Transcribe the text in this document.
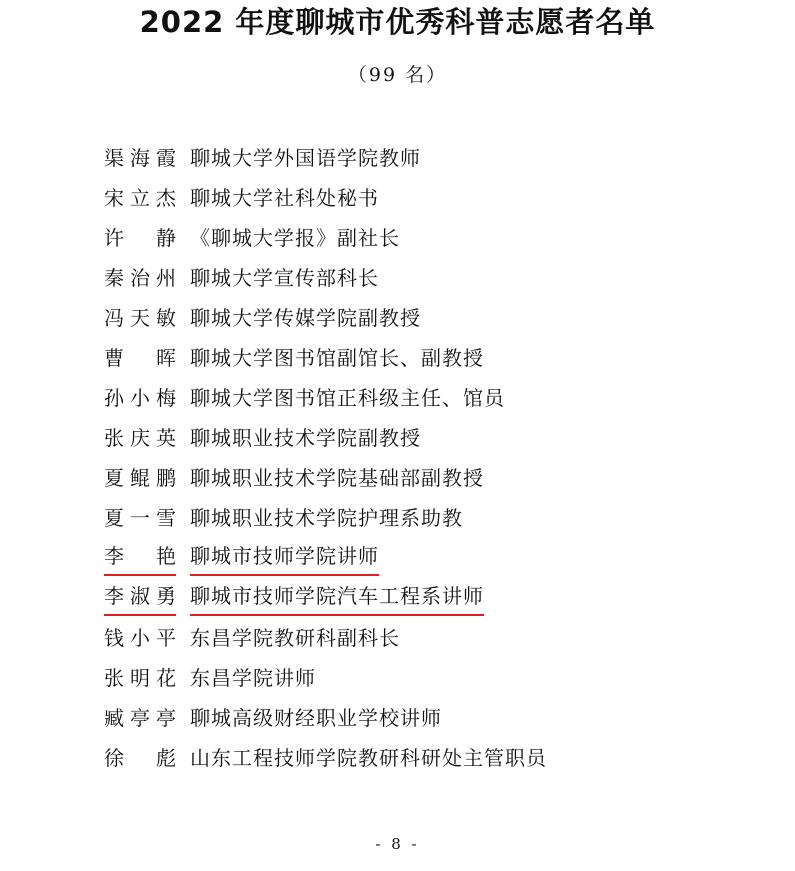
2022 年度聊城市优秀科普志愿者名单
（99 名）
渠海霞 聊城大学外国语学院教师
宋立杰 聊城大学社科处秘书
许　静 《聊城大学报》副社长
秦治州 聊城大学宣传部科长
冯天敏 聊城大学传媒学院副教授
曹　晖 聊城大学图书馆副馆长、副教授
孙小梅 聊城大学图书馆正科级主任、馆员
张庆英 聊城职业技术学院副教授
夏鲲鹏 聊城职业技术学院基础部副教授
夏一雪 聊城职业技术学院护理系助教
李　艳 聊城市技师学院讲师
李淑勇 聊城市技师学院汽车工程系讲师
钱小平 东昌学院教研科副科长
张明花 东昌学院讲师
臧亭亭 聊城高级财经职业学校讲师
徐　彪 山东工程技师学院教研科研处主管职员
- 8 -
